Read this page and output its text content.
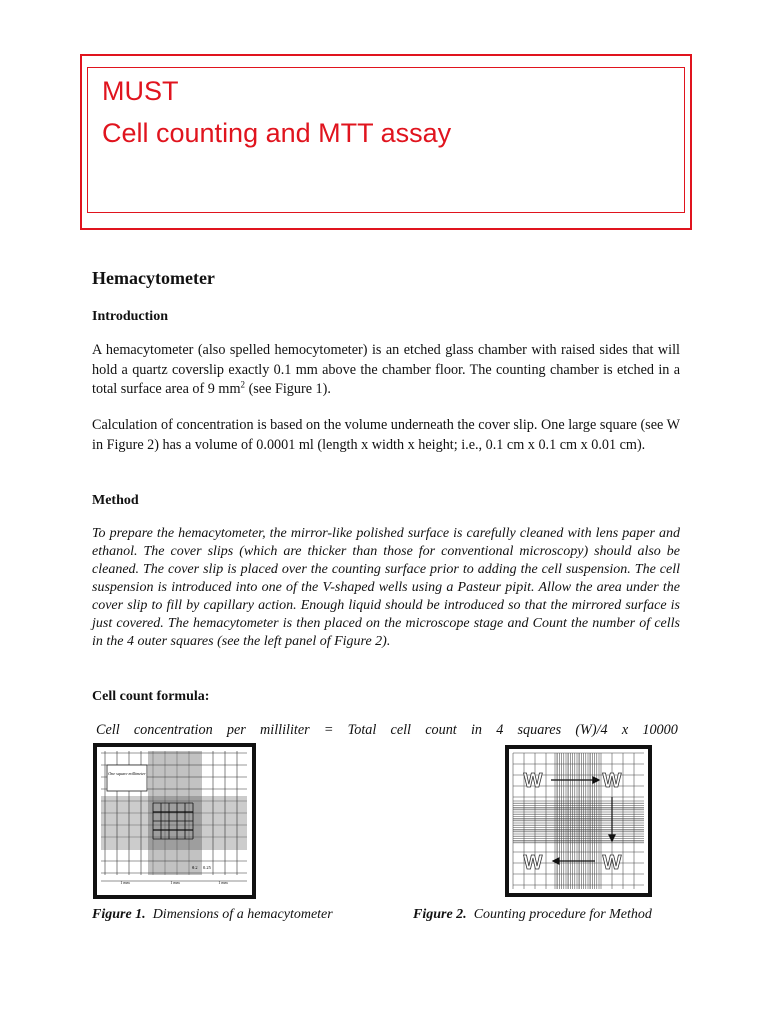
MUST
Cell counting and MTT assay
Hemacytometer

Introduction

A hemacytometer (also spelled hemocytometer) is an etched glass chamber with raised sides that will hold a quartz coverslip exactly 0.1 mm above the chamber floor. The counting chamber is etched in a total surface area of 9 $mm^2$ (see Figure 1).

Calculation of concentration is based on the volume underneath the cover slip. One large square (see W in Figure 2) has a volume of 0.0001 ml (length x width x height; i.e., 0.1 cm x 0.1 cm x 0.01 cm).

Method

To prepare the hemacytometer, the mirror-like polished surface is carefully cleaned with lens paper and ethanol. The cover slips (which are thicker than those for conventional microscopy) should also be cleaned. The cover slip is placed over the counting surface prior to adding the cell suspension. The cell suspension is introduced into one of the V-shaped wells using a Pasteur pipit. Allow the area under the cover slip to fill by capillary action. Enough liquid should be introduced so that the mirrored surface is just covered. The hemacytometer is then placed on the microscope stage and Count the number of cells in the 4 outer squares (see the left panel of Figure 2).

Cell count formula:

Cell concentration per milliliter = Total cell count in 4 squares (W)/4 x 10000
One square millimeter
0.2 0.25
1 mm	1 mm	1 mm
W	W
W	W
Figure 1. Dimensions of a hemacytometer	Figure 2. Counting procedure for Method
